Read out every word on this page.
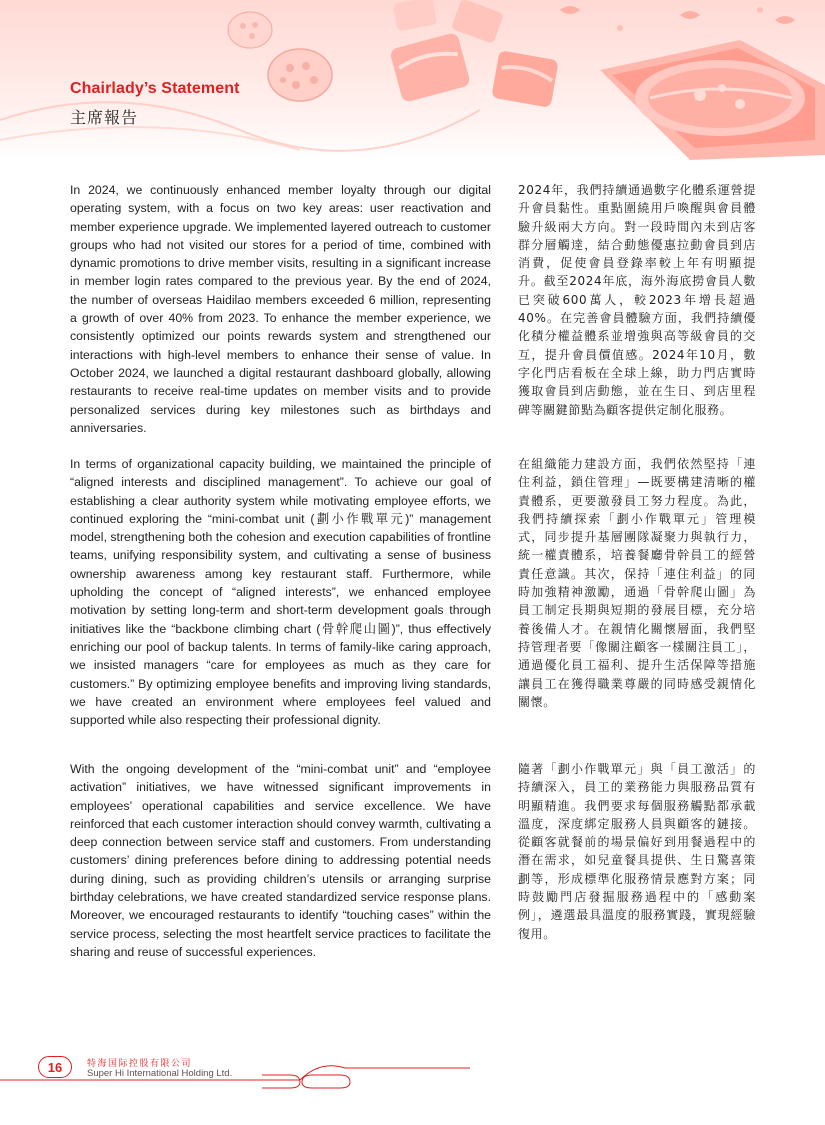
Chairlady’s Statement
主席報告

In 2024, we continuously enhanced member loyalty through our digital operating system, with a focus on two key areas: user reactivation and member experience upgrade. We implemented layered outreach to customer groups who had not visited our stores for a period of time, combined with dynamic promotions to drive member visits, resulting in a significant increase in member login rates compared to the previous year. By the end of 2024, the number of overseas Haidilao members exceeded 6 million, representing a growth of over 40% from 2023. To enhance the member experience, we consistently optimized our points rewards system and strengthened our interactions with high-level members to enhance their sense of value. In October 2024, we launched a digital restaurant dashboard globally, allowing restaurants to receive real-time updates on member visits and to provide personalized services during key milestones such as birthdays and anniversaries.

In terms of organizational capacity building, we maintained the principle of “aligned interests and disciplined management”. To achieve our goal of establishing a clear authority system while motivating employee efforts, we continued exploring the “mini-combat unit (劃小作戰單元)” management model, strengthening both the cohesion and execution capabilities of frontline teams, unifying responsibility system, and cultivating a sense of business ownership awareness among key restaurant staff. Furthermore, while upholding the concept of “aligned interests”, we enhanced employee motivation by setting long-term and short-term development goals through initiatives like the “backbone climbing chart (骨幹爬山圖)”, thus effectively enriching our pool of backup talents. In terms of family-like caring approach, we insisted managers “care for employees as much as they care for customers.” By optimizing employee benefits and improving living standards, we have created an environment where employees feel valued and supported while also respecting their professional dignity.

With the ongoing development of the “mini-combat unit” and “employee activation” initiatives, we have witnessed significant improvements in employees’ operational capabilities and service excellence. We have reinforced that each customer interaction should convey warmth, cultivating a deep connection between service staff and customers. From understanding customers’ dining preferences before dining to addressing potential needs during dining, such as providing children’s utensils or arranging surprise birthday celebrations, we have created standardized service response plans. Moreover, we encouraged restaurants to identify “touching cases” within the service process, selecting the most heartfelt service practices to facilitate the sharing and reuse of successful experiences.

2024年，我們持續通過數字化體系運營提升會員黏性。重點圍繞用戶喚醒與會員體驗升級兩大方向。對一段時間內未到店客群分層觸達，結合動態優惠拉動會員到店消費，促使會員登錄率較上年有明顯提升。截至2024年底，海外海底撈會員人數已突破600萬人，較2023年增長超過40%。在完善會員體驗方面，我們持續優化積分權益體系並增強與高等級會員的交互，提升會員價值感。2024年10月，數字化門店看板在全球上線，助力門店實時獲取會員到店動態，並在生日、到店里程碑等關鍵節點為顧客提供定制化服務。

在組織能力建設方面，我們依然堅持「連住利益，鎖住管理」—既要構建清晰的權責體系，更要激發員工努力程度。為此，我們持續探索「劃小作戰單元」管理模式，同步提升基層團隊凝聚力與執行力，統一權責體系，培養餐廳骨幹員工的經營責任意識。其次，保持「連住利益」的同時加強精神激勵，通過「骨幹爬山圖」為員工制定長期與短期的發展目標，充分培養後備人才。在親情化關懷層面，我們堅持管理者要「像關注顧客一樣關注員工」，通過優化員工福利、提升生活保障等措施讓員工在獲得職業尊嚴的同時感受親情化關懷。

隨著「劃小作戰單元」與「員工激活」的持續深入，員工的業務能力與服務品質有明顯精進。我們要求每個服務觸點都承載溫度，深度綁定服務人員與顧客的鏈接。從顧客就餐前的場景偏好到用餐過程中的潛在需求，如兒童餐具提供、生日驚喜策劃等，形成標準化服務情景應對方案；同時鼓勵門店發掘服務過程中的「感動案例」，遴選最具溫度的服務實踐，實現經驗復用。

16	特海国际控股有限公司
Super Hi International Holding Ltd.
